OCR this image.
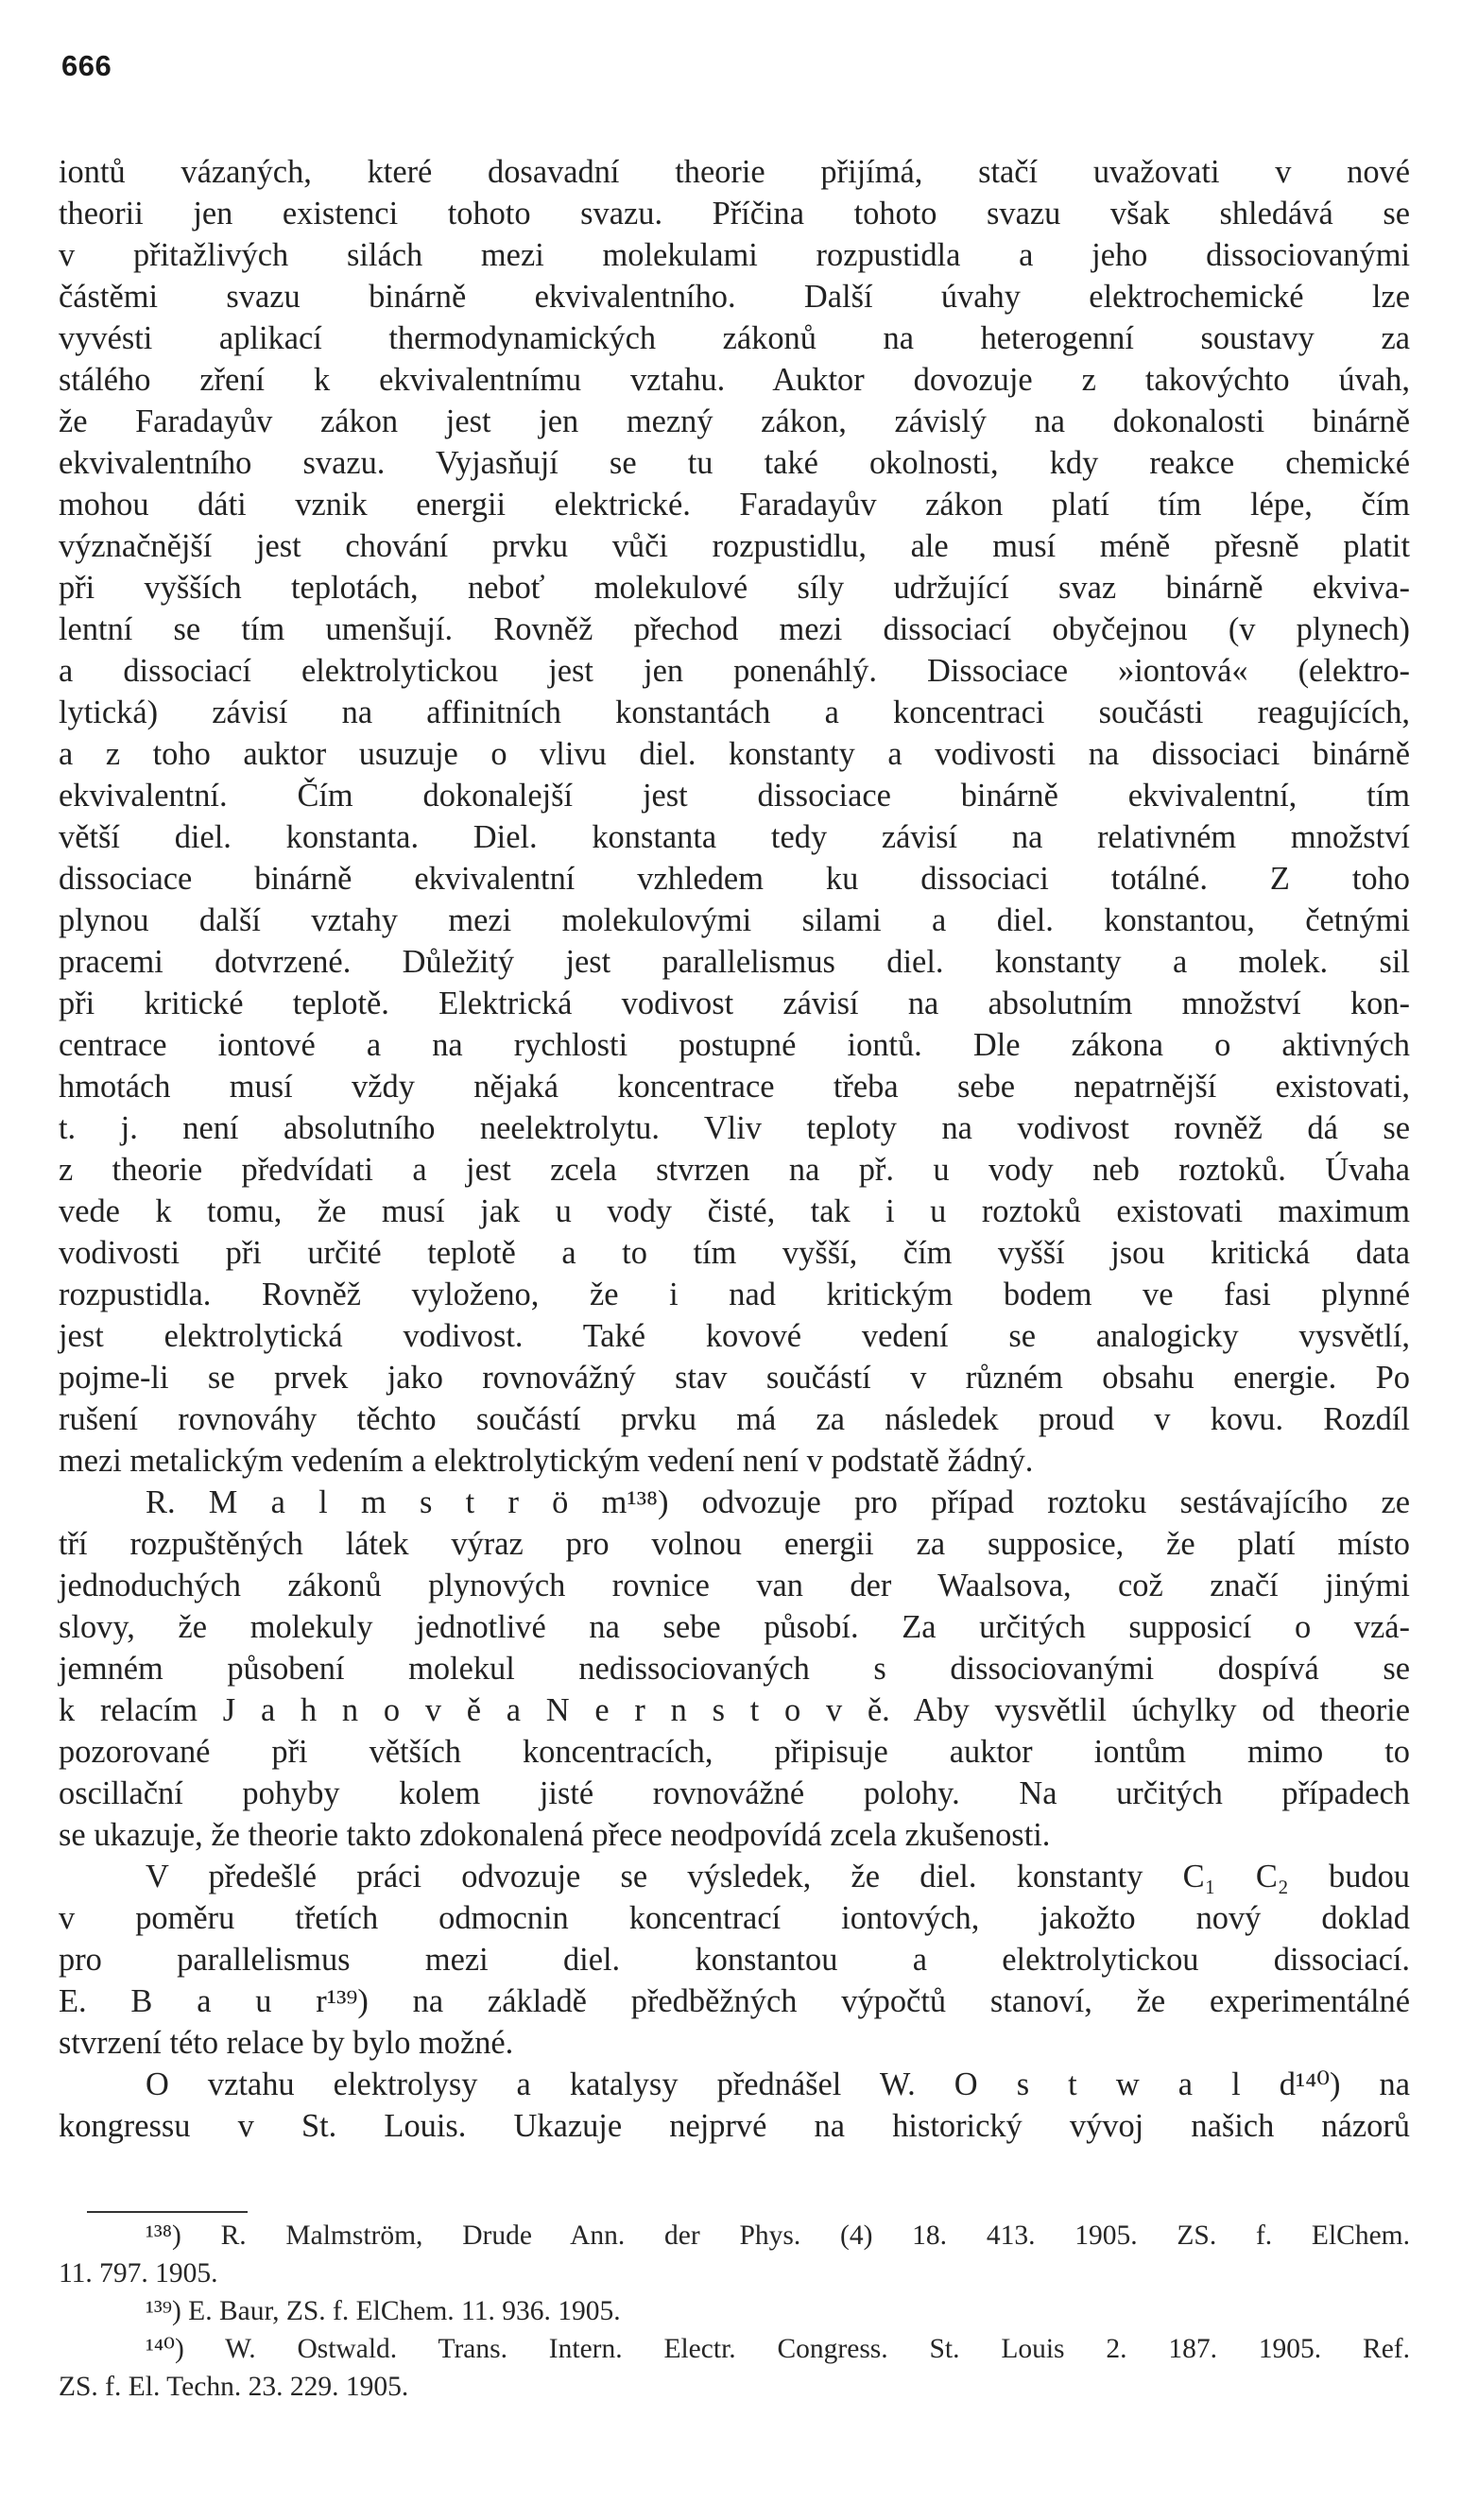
666
iontů vázaných, které dosavadní theorie přijímá, stačí uvažovati v nové
theorii jen existenci tohoto svazu. Příčina tohoto svazu však shledává se
v přitažlivých silách mezi molekulami rozpustidla a jeho dissociovanými
částěmi svazu binárně ekvivalentního. Další úvahy elektrochemické lze
vyvésti aplikací thermodynamických zákonů na heterogenní soustavy za
stálého zření k ekvivalentnímu vztahu. Auktor dovozuje z takovýchto úvah,
že Faradayův zákon jest jen mezný zákon, závislý na dokonalosti binárně
ekvivalentního svazu. Vyjasňují se tu také okolnosti, kdy reakce chemické
mohou dáti vznik energii elektrické. Faradayův zákon platí tím lépe, čím
význačnější jest chování prvku vůči rozpustidlu, ale musí méně přesně platit
při vyšších teplotách, neboť molekulové síly udržující svaz binárně ekviva-
lentní se tím umenšují. Rovněž přechod mezi dissociací obyčejnou (v plynech)
a dissociací elektrolytickou jest jen ponenáhlý. Dissociace »iontová« (elektro-
lytická) závisí na affinitních konstantách a koncentraci součásti reagujících,
a z toho auktor usuzuje o vlivu diel. konstanty a vodivosti na dissociaci binárně
ekvivalentní. Čím dokonalejší jest dissociace binárně ekvivalentní, tím
větší diel. konstanta. Diel. konstanta tedy závisí na relativném množství
dissociace binárně ekvivalentní vzhledem ku dissociaci totálné. Z toho
plynou další vztahy mezi molekulovými silami a diel. konstantou, četnými
pracemi dotvrzené. Důležitý jest parallelismus diel. konstanty a molek. sil
při kritické teplotě. Elektrická vodivost závisí na absolutním množství kon-
centrace iontové a na rychlosti postupné iontů. Dle zákona o aktivných
hmotách musí vždy nějaká koncentrace třeba sebe nepatrnější existovati,
t. j. není absolutního neelektrolytu. Vliv teploty na vodivost rovněž dá se
z theorie předvídati a jest zcela stvrzen na př. u vody neb roztoků. Úvaha
vede k tomu, že musí jak u vody čisté, tak i u roztoků existovati maximum
vodivosti při určité teplotě a to tím vyšší, čím vyšší jsou kritická data
rozpustidla. Rovněž vyloženo, že i nad kritickým bodem ve fasi plynné
jest elektrolytická vodivost. Také kovové vedení se analogicky vysvětlí,
pojme-li se prvek jako rovnovážný stav součástí v různém obsahu energie. Po
rušení rovnováhy těchto součástí prvku má za následek proud v kovu. Rozdíl
mezi metalickým vedením a elektrolytickým vedení není v podstatě žádný.
R. M a l m s t r ö m¹³⁸) odvozuje pro případ roztoku sestávajícího ze
tří rozpuštěných látek výraz pro volnou energii za supposice, že platí místo
jednoduchých zákonů plynových rovnice van der Waalsova, což značí jinými
slovy, že molekuly jednotlivé na sebe působí. Za určitých supposicí o vzá-
jemném působení molekul nedissociovaných s dissociovanými dospívá se
k relacím J a h n o v ě a N e r n s t o v ě. Aby vysvětlil úchylky od theorie
pozorované při větších koncentracích, připisuje auktor iontům mimo to
oscillační pohyby kolem jisté rovnovážné polohy. Na určitých případech
se ukazuje, že theorie takto zdokonalená přece neodpovídá zcela zkušenosti.
V předešlé práci odvozuje se výsledek, že diel. konstanty C₁ C₂ budou
v poměru třetích odmocnin koncentrací iontových, jakožto nový doklad
pro parallelismus mezi diel. konstantou a elektrolytickou dissociací.
E. B a u r¹³⁹) na základě předběžných výpočtů stanoví, že experimentálné
stvrzení této relace by bylo možné.
O vztahu elektrolysy a katalysy přednášel W. O s t w a l d¹⁴⁰) na
kongressu v St. Louis. Ukazuje nejprvé na historický vývoj našich názorů
¹³⁸) R. Malmström, Drude Ann. der Phys. (4) 18. 413. 1905. ZS. f. ElChem.
11. 797. 1905.
¹³⁹) E. Baur, ZS. f. ElChem. 11. 936. 1905.
¹⁴⁰) W. Ostwald. Trans. Intern. Electr. Congress. St. Louis 2. 187. 1905. Ref.
ZS. f. El. Techn. 23. 229. 1905.
